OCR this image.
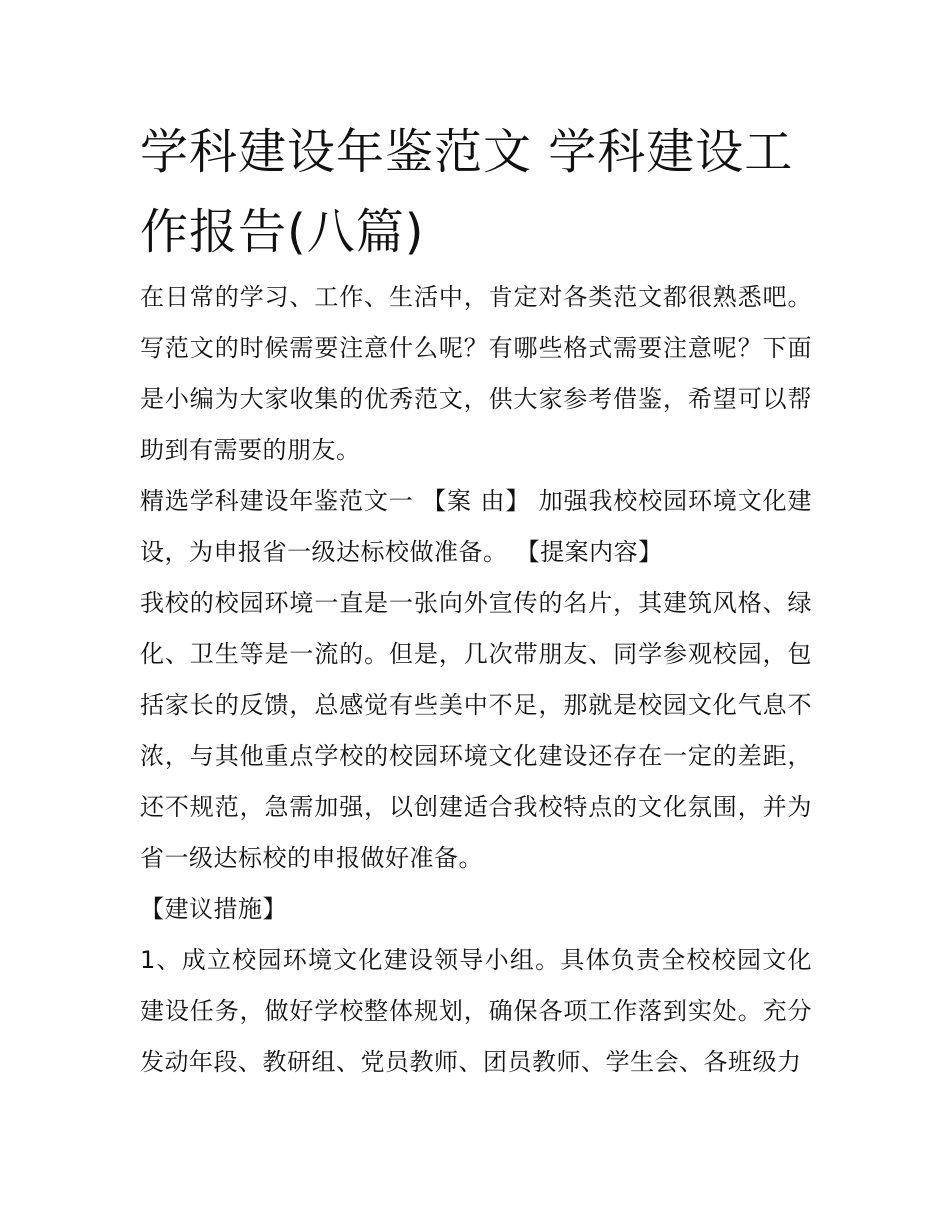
学科建设年鉴范文 学科建设工作报告(八篇)

在日常的学习、工作、生活中，肯定对各类范文都很熟悉吧。写范文的时候需要注意什么呢？有哪些格式需要注意呢？下面是小编为大家收集的优秀范文，供大家参考借鉴，希望可以帮助到有需要的朋友。

精选学科建设年鉴范文一 【案 由】 加强我校校园环境文化建设，为申报省一级达标校做准备。 【提案内容】

我校的校园环境一直是一张向外宣传的名片，其建筑风格、绿化、卫生等是一流的。但是，几次带朋友、同学参观校园，包括家长的反馈，总感觉有些美中不足，那就是校园文化气息不浓，与其他重点学校的校园环境文化建设还存在一定的差距，还不规范，急需加强，以创建适合我校特点的文化氛围，并为省一级达标校的申报做好准备。

【建议措施】

1、成立校园环境文化建设领导小组。具体负责全校校园文化建设任务，做好学校整体规划，确保各项工作落到实处。充分发动年段、教研组、党员教师、团员教师、学生会、各班级力
